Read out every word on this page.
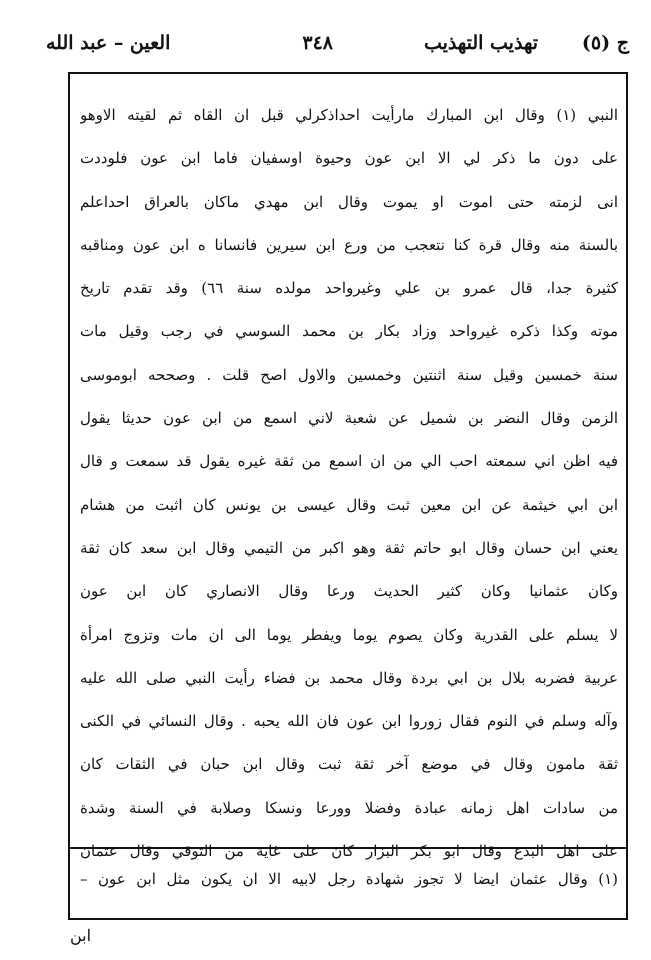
ج (٥)
تهذيب التهذيب
٣٤٨
العين – عبد الله
النبي (١) وقال ابن المبارك مارأيت احداذكرلي قبل ان القاه ثم لقيته الاوهو
على دون ما ذكر لي الا ابن عون وحيوة اوسفيان فاما ابن عون فلوددت
انى لزمته حتى اموت او يموت وقال ابن مهدي ماكان بالعراق احداعلم
بالسنة منه وقال قرة كنا نتعجب من ورع ابن سيرين فانسانا ه ابن عون ومناقبه
كثيرة جدا، قال عمرو بن علي وغيرواحد مولده سنة ٦٦) وقد تقدم تاريخ
موته وكذا ذكره غيرواحد وزاد بكار بن محمد السوسي في رجب وقيل مات
سنة خمسين وقيل سنة اثنتين وخمسين والاول اصح قلت . وصححه ابوموسى
الزمن وقال النضر بن شميل عن شعبة لاني اسمع من ابن عون حديثا يقول
فيه اظن اني سمعته احب الي من ان اسمع من ثقة غيره يقول قد سمعت و قال
ابن ابي خيثمة عن ابن معين ثبت وقال عيسى بن يونس كان اثبت من هشام
يعني ابن حسان وقال ابو حاتم ثقة وهو اكبر من التيمي وقال ابن سعد كان ثقة
وكان عثمانيا وكان كثير الحديث ورعا وقال الانصاري كان ابن عون
لا يسلم على القدرية وكان يصوم يوما ويفطر يوما الى ان مات وتزوج امرأة
عربية فضربه بلال بن ابي بردة وقال محمد بن فضاء رأيت النبي صلى الله عليه
وآله وسلم في النوم فقال زوروا ابن عون فان الله يحبه . وقال النسائي في الكنى
ثقة مامون وقال في موضع آخر ثقة ثبت وقال ابن حبان في الثقات كان
من سادات اهل زمانه عبادة وفضلا وورعا ونسكا وصلابة في السنة وشدة
على اهل البدع وقال ابو بكر البزار كان على غاية من التوقي وقال عثمان
(١) وقال عثمان ايضا لا تجوز شهادة رجل لابيه الا ان يكون مثل ابن عون –
ابن
